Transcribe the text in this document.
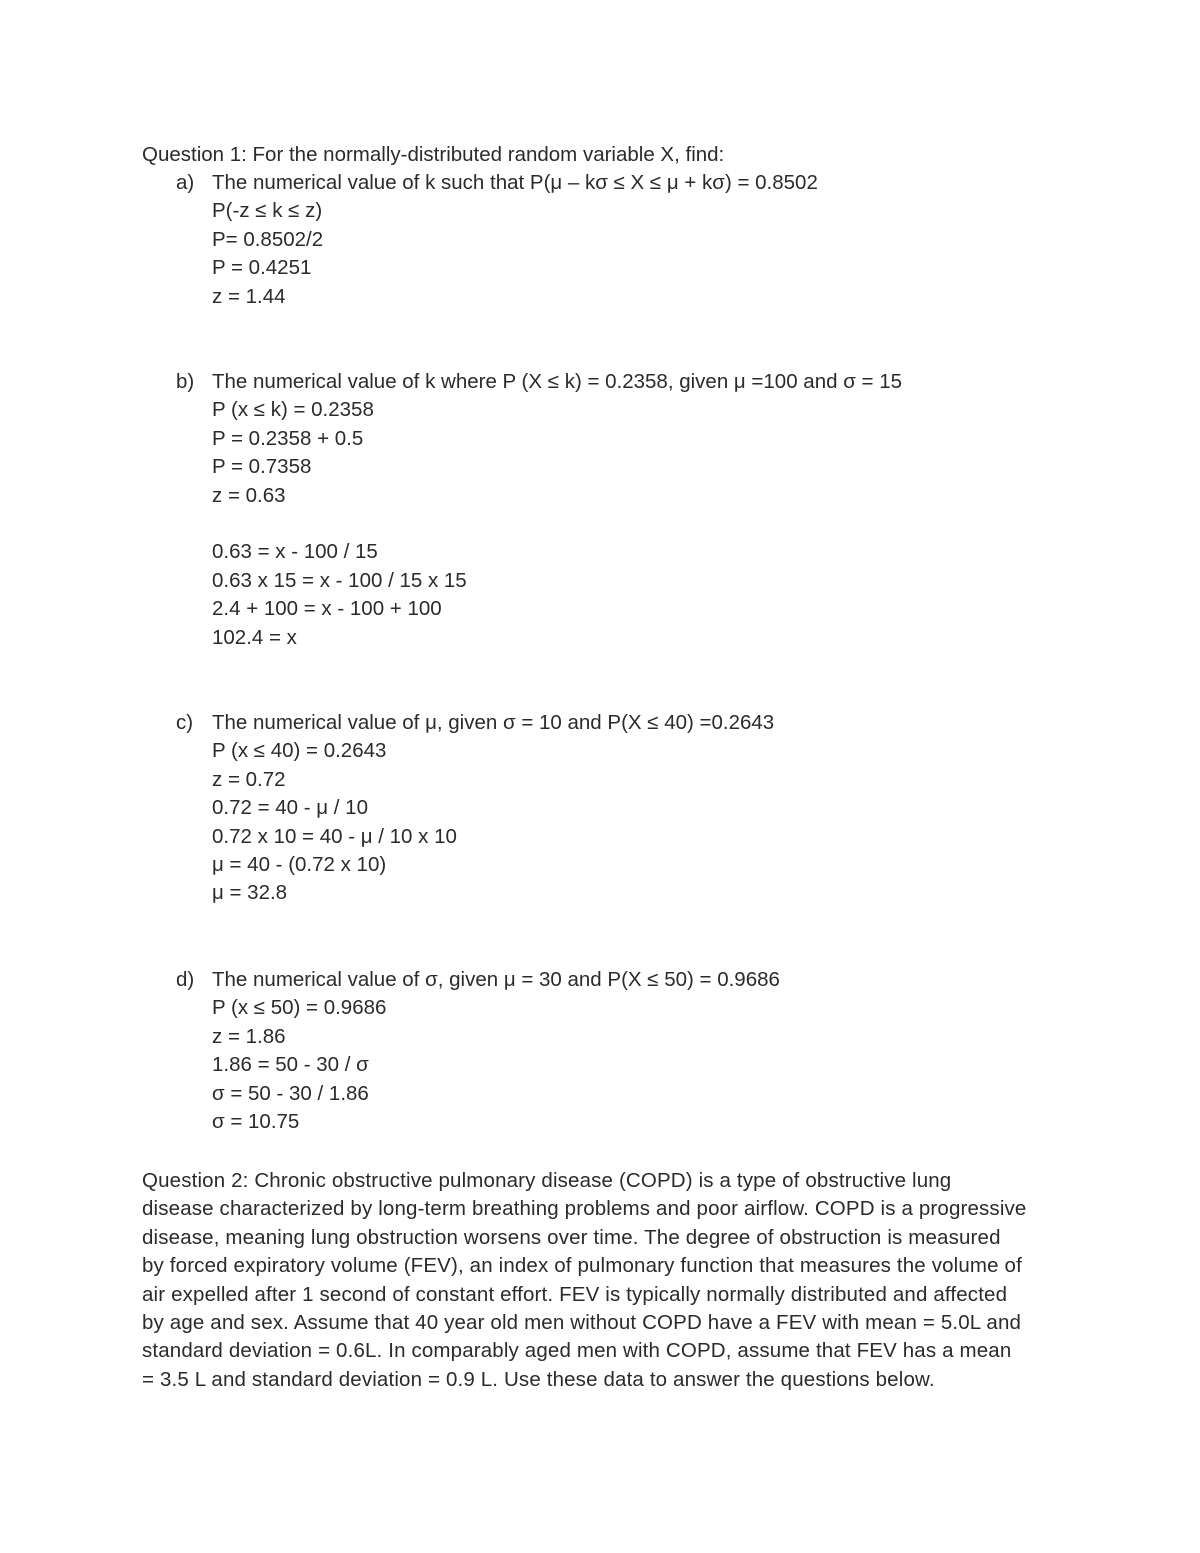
Question 1: For the normally-distributed random variable X, find:
a) The numerical value of k such that P(μ – kσ ≤ X ≤ μ + kσ) = 0.8502
P(-z ≤ k ≤ z)
P= 0.8502/2
P = 0.4251
z = 1.44
b) The numerical value of k where P (X ≤ k) = 0.2358, given μ =100 and σ = 15
P (x ≤ k) = 0.2358
P = 0.2358 + 0.5
P = 0.7358
z = 0.63
0.63 = x - 100 / 15
0.63 x 15 = x - 100 / 15 x 15
2.4 + 100 = x - 100 + 100
102.4 = x
c) The numerical value of μ, given σ = 10 and P(X ≤ 40) =0.2643
P (x ≤ 40) = 0.2643
z = 0.72
0.72 = 40 - μ / 10
0.72 x 10 = 40 - μ / 10 x 10
μ = 40 - (0.72 x 10)
μ = 32.8
d) The numerical value of σ, given μ = 30 and P(X ≤ 50) = 0.9686
P (x ≤ 50) = 0.9686
z = 1.86
1.86 = 50 - 30 / σ
σ = 50 - 30 / 1.86
σ = 10.75
Question 2: Chronic obstructive pulmonary disease (COPD) is a type of obstructive lung
disease characterized by long-term breathing problems and poor airflow. COPD is a progressive
disease, meaning lung obstruction worsens over time. The degree of obstruction is measured
by forced expiratory volume (FEV), an index of pulmonary function that measures the volume of
air expelled after 1 second of constant effort. FEV is typically normally distributed and affected
by age and sex. Assume that 40 year old men without COPD have a FEV with mean = 5.0L and
standard deviation = 0.6L. In comparably aged men with COPD, assume that FEV has a mean
= 3.5 L and standard deviation = 0.9 L. Use these data to answer the questions below.
